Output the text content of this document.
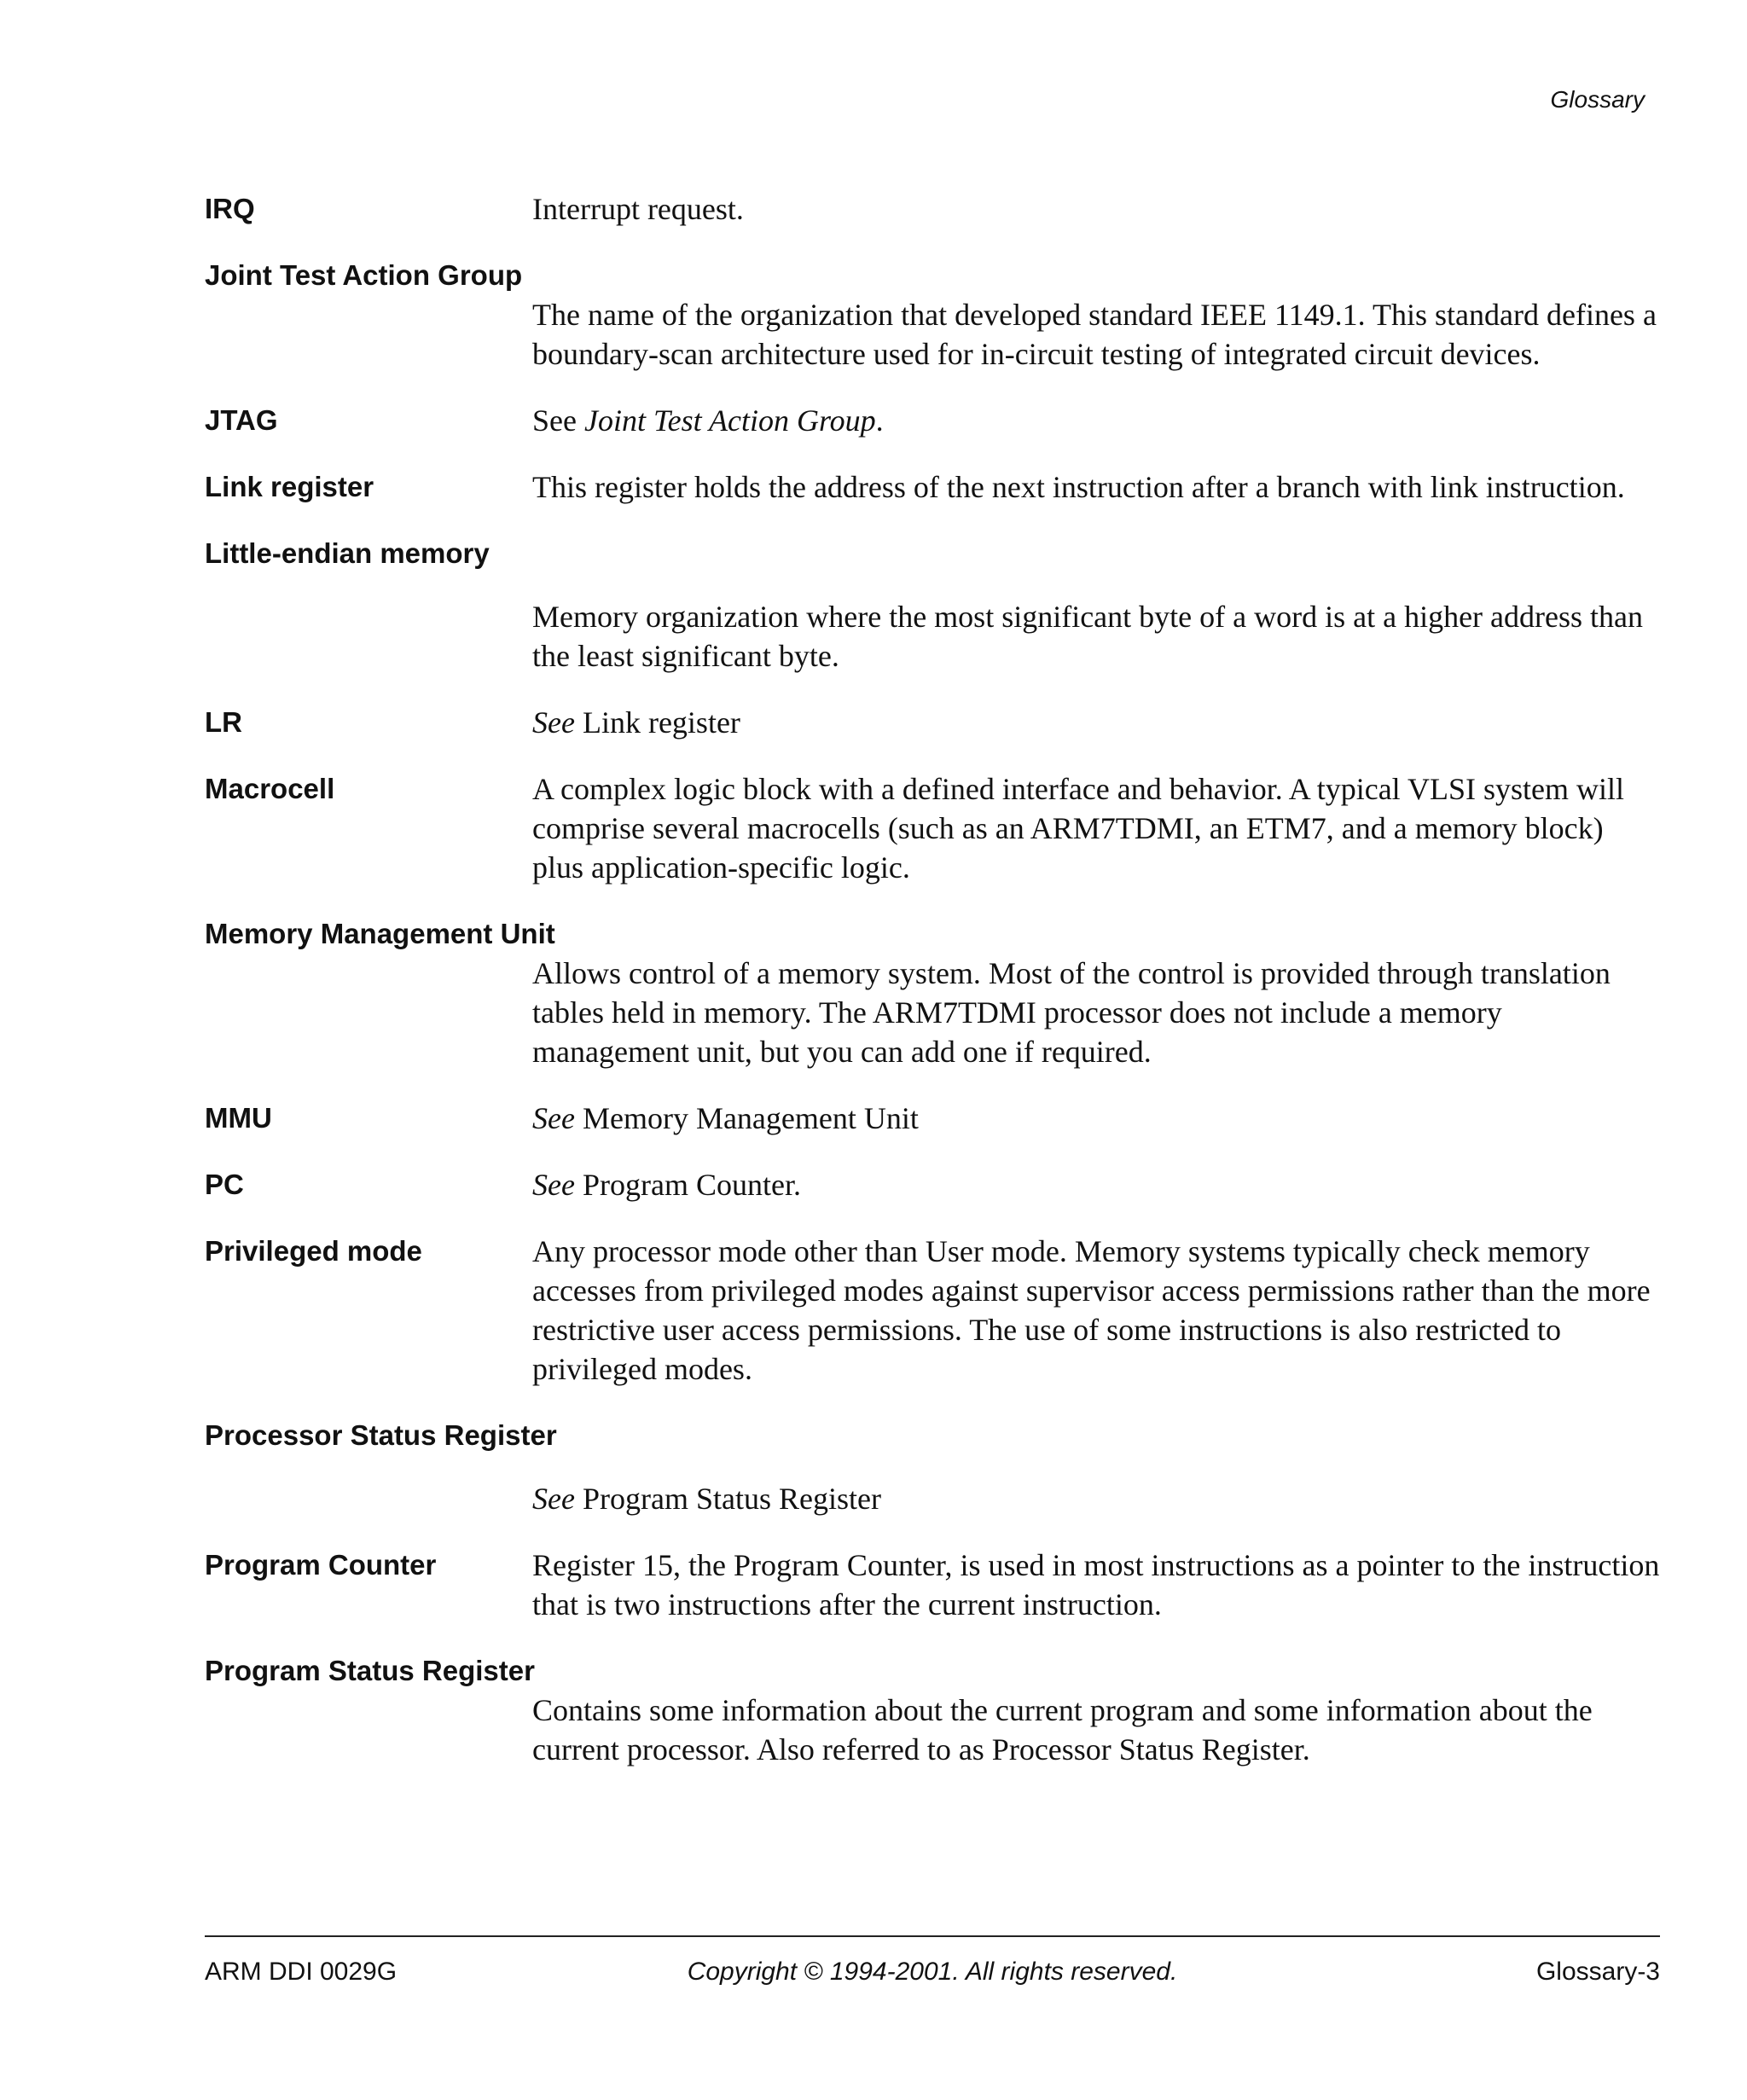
Glossary
IRQ	Interrupt request.
Joint Test Action Group
The name of the organization that developed standard IEEE 1149.1. This standard defines a boundary-scan architecture used for in-circuit testing of integrated circuit devices.
JTAG	See Joint Test Action Group.
Link register	This register holds the address of the next instruction after a branch with link instruction.
Little-endian memory
Memory organization where the most significant byte of a word is at a higher address than the least significant byte.
LR	See Link register
Macrocell	A complex logic block with a defined interface and behavior. A typical VLSI system will comprise several macrocells (such as an ARM7TDMI, an ETM7, and a memory block) plus application-specific logic.
Memory Management Unit
Allows control of a memory system. Most of the control is provided through translation tables held in memory. The ARM7TDMI processor does not include a memory management unit, but you can add one if required.
MMU	See Memory Management Unit
PC	See Program Counter.
Privileged mode	Any processor mode other than User mode. Memory systems typically check memory accesses from privileged modes against supervisor access permissions rather than the more restrictive user access permissions. The use of some instructions is also restricted to privileged modes.
Processor Status Register
See Program Status Register
Program Counter	Register 15, the Program Counter, is used in most instructions as a pointer to the instruction that is two instructions after the current instruction.
Program Status Register
Contains some information about the current program and some information about the current processor. Also referred to as Processor Status Register.
ARM DDI 0029G	Copyright © 1994-2001. All rights reserved.	Glossary-3
